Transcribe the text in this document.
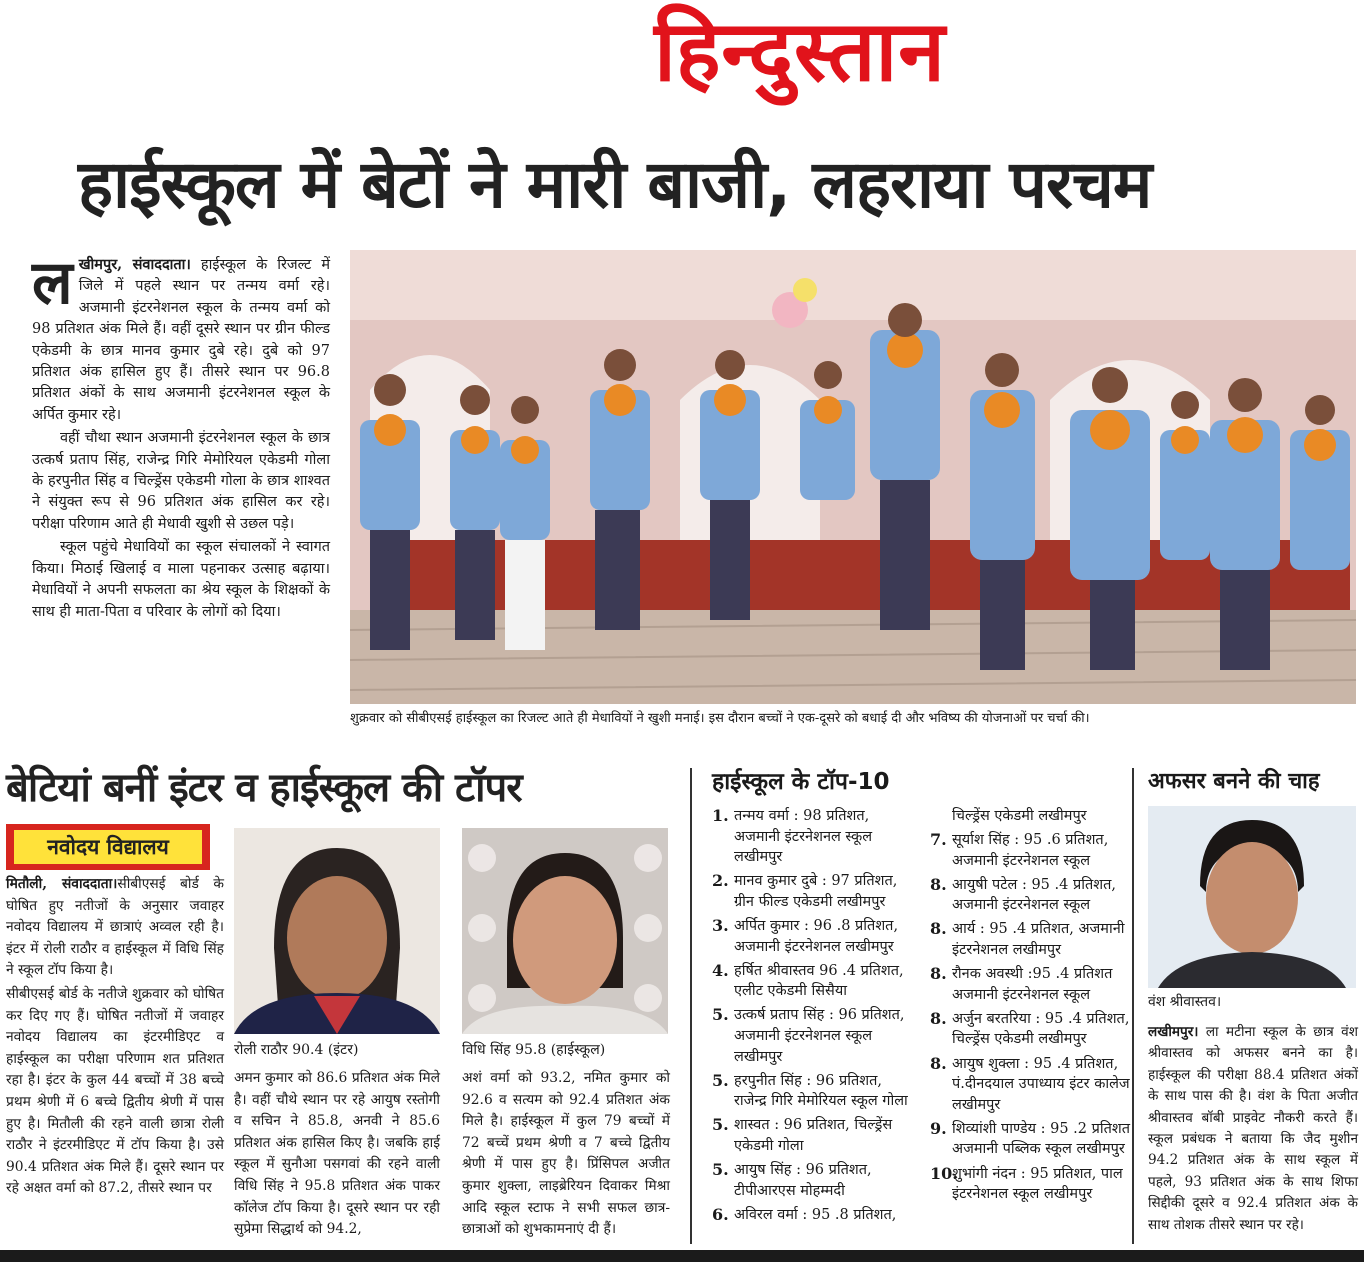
हिन्दुस्तान
हाईस्कूल में बेटों ने मारी बाजी, लहराया परचम

लखीमपुर, संवाददाता। हाईस्कूल के रिजल्ट में जिले में पहले स्थान पर तन्मय वर्मा रहे। अजमानी इंटरनेशनल स्कूल के तन्मय वर्मा को 98 प्रतिशत अंक मिले हैं। वहीं दूसरे स्थान पर ग्रीन फील्ड एकेडमी के छात्र मानव कुमार दुबे रहे। दुबे को 97 प्रतिशत अंक हासिल हुए हैं। तीसरे स्थान पर 96.8 प्रतिशत अंकों के साथ अजमानी इंटरनेशनल स्कूल के अर्पित कुमार रहे।

वहीं चौथा स्थान अजमानी इंटरनेशनल स्कूल के छात्र उत्कर्ष प्रताप सिंह, राजेन्द्र गिरि मेमोरियल एकेडमी गोला के हरपुनीत सिंह व चिल्ड्रेंस एकेडमी गोला के छात्र शाश्वत ने संयुक्त रूप से 96 प्रतिशत अंक हासिल कर रहे। परीक्षा परिणाम आते ही मेधावी खुशी से उछल पड़े।

स्कूल पहुंचे मेधावियों का स्कूल संचालकों ने स्वागत किया। मिठाई खिलाई व माला पहनाकर उत्साह बढ़ाया। मेधावियों ने अपनी सफलता का श्रेय स्कूल के शिक्षकों के साथ ही माता-पिता व परिवार के लोगों को दिया।

शुक्रवार को सीबीएसई हाईस्कूल का रिजल्ट आते ही मेधावियों ने खुशी मनाई। इस दौरान बच्चों ने एक-दूसरे को बधाई दी और भविष्य की योजनाओं पर चर्चा की।
बेटियां बनीं इंटर व हाईस्कूल की टॉपर
नवोदय विद्यालय

मितौली, संवाददाता।सीबीएसई बोर्ड के घोषित हुए नतीजों के अनुसार जवाहर नवोदय विद्यालय में छात्राएं अव्वल रही है। इंटर में रोली राठौर व हाईस्कूल में विधि सिंह ने स्कूल टॉप किया है।

सीबीएसई बोर्ड के नतीजे शुक्रवार को घोषित कर दिए गए हैं। घोषित नतीजों में जवाहर नवोदय विद्यालय का इंटरमीडिएट व हाईस्कूल का परीक्षा परिणाम शत प्रतिशत रहा है। इंटर के कुल 44 बच्चों में 38 बच्चे प्रथम श्रेणी में 6 बच्चे द्वितीय श्रेणी में पास हुए है। मितौली की रहने वाली छात्रा रोली राठौर ने इंटरमीडिएट में टॉप किया है। उसे 90.4 प्रतिशत अंक मिले हैं। दूसरे स्थान पर रहे अक्षत वर्मा को 87.2, तीसरे स्थान पर

रोली राठौर 90.4 (इंटर)	विधि सिंह 95.8 (हाईस्कूल)
अमन कुमार को 86.6 प्रतिशत अंक मिले है। वहीं चौथे स्थान पर रहे आयुष रस्तोगी व सचिन ने 85.8, अनवी ने 85.6 प्रतिशत अंक हासिल किए है। जबकि हाई स्कूल में सुनौआ पसगवां की रहने वाली विधि सिंह ने 95.8 प्रतिशत अंक पाकर कॉलेज टॉप किया है। दूसरे स्थान पर रही सुप्रेमा सिद्धार्थ को 94.2,
अशं वर्मा को 93.2, नमित कुमार को 92.6 व सत्यम को 92.4 प्रतिशत अंक मिले है। हाईस्कूल में कुल 79 बच्चों में 72 बच्चें प्रथम श्रेणी व 7 बच्चे द्वितीय श्रेणी में पास हुए है। प्रिंसिपल अजीत कुमार शुक्ला, लाइब्रेरियन दिवाकर मिश्रा आदि स्कूल स्टाफ ने सभी सफल छात्र-छात्राओं को शुभकामनाएं दी हैं।
हाईस्कूल के टॉप-10
1. तन्मय वर्मा : 98 प्रतिशत, अजमानी इंटरनेशनल स्कूल लखीमपुर
2. मानव कुमार दुबे : 97 प्रतिशत, ग्रीन फील्ड एकेडमी लखीमपुर
3. अर्पित कुमार : 96 .8 प्रतिशत, अजमानी इंटरनेशनल लखीमपुर
4. हर्षित श्रीवास्तव 96 .4 प्रतिशत, एलीट एकेडमी सिसैया
5. उत्कर्ष प्रताप सिंह : 96 प्रतिशत, अजमानी इंटरनेशनल स्कूल लखीमपुर
5. हरपुनीत सिंह : 96 प्रतिशत, राजेन्द्र गिरि मेमोरियल स्कूल गोला
5. शास्वत : 96 प्रतिशत, चिल्ड्रेंस एकेडमी गोला
5. आयुष सिंह : 96 प्रतिशत, टीपीआरएस मोहम्मदी
6. अविरल वर्मा : 95 .8 प्रतिशत,
चिल्ड्रेंस एकेडमी लखीमपुर
7. सूर्याश सिंह : 95 .6 प्रतिशत, अजमानी इंटरनेशनल स्कूल
8. आयुषी पटेल : 95 .4 प्रतिशत, अजमानी इंटरनेशनल स्कूल
8. आर्य : 95 .4 प्रतिशत, अजमानी इंटरनेशनल लखीमपुर
8. रौनक अवस्थी :95 .4 प्रतिशत अजमानी इंटरनेशनल स्कूल
8. अर्जुन बरतरिया : 95 .4 प्रतिशत, चिल्ड्रेंस एकेडमी लखीमपुर
8. आयुष शुक्ला : 95 .4 प्रतिशत, पं.दीनदयाल उपाध्याय इंटर कालेज लखीमपुर
9. शिव्यांशी पाण्डेय : 95 .2 प्रतिशत अजमानी पब्लिक स्कूल लखीमपुर
10.
शुभांगी नंदन : 95 प्रतिशत, पाल इंटरनेशनल स्कूल लखीमपुर
अफसर बनने की चाह
वंश श्रीवास्तव।

लखीमपुर। ला मटीना स्कूल के छात्र वंश श्रीवास्तव को अफसर बनने का है। हाईस्कूल की परीक्षा 88.4 प्रतिशत अंकों के साथ पास की है। वंश के पिता अजीत श्रीवास्तव बॉबी प्राइवेट नौकरी करते हैं। स्कूल प्रबंधक ने बताया कि जैद मुशीन 94.2 प्रतिशत अंक के साथ स्कूल में पहले, 93 प्रतिशत अंक के साथ शिफा सिद्दीकी दूसरे व 92.4 प्रतिशत अंक के साथ तोशक तीसरे स्थान पर रहे।
